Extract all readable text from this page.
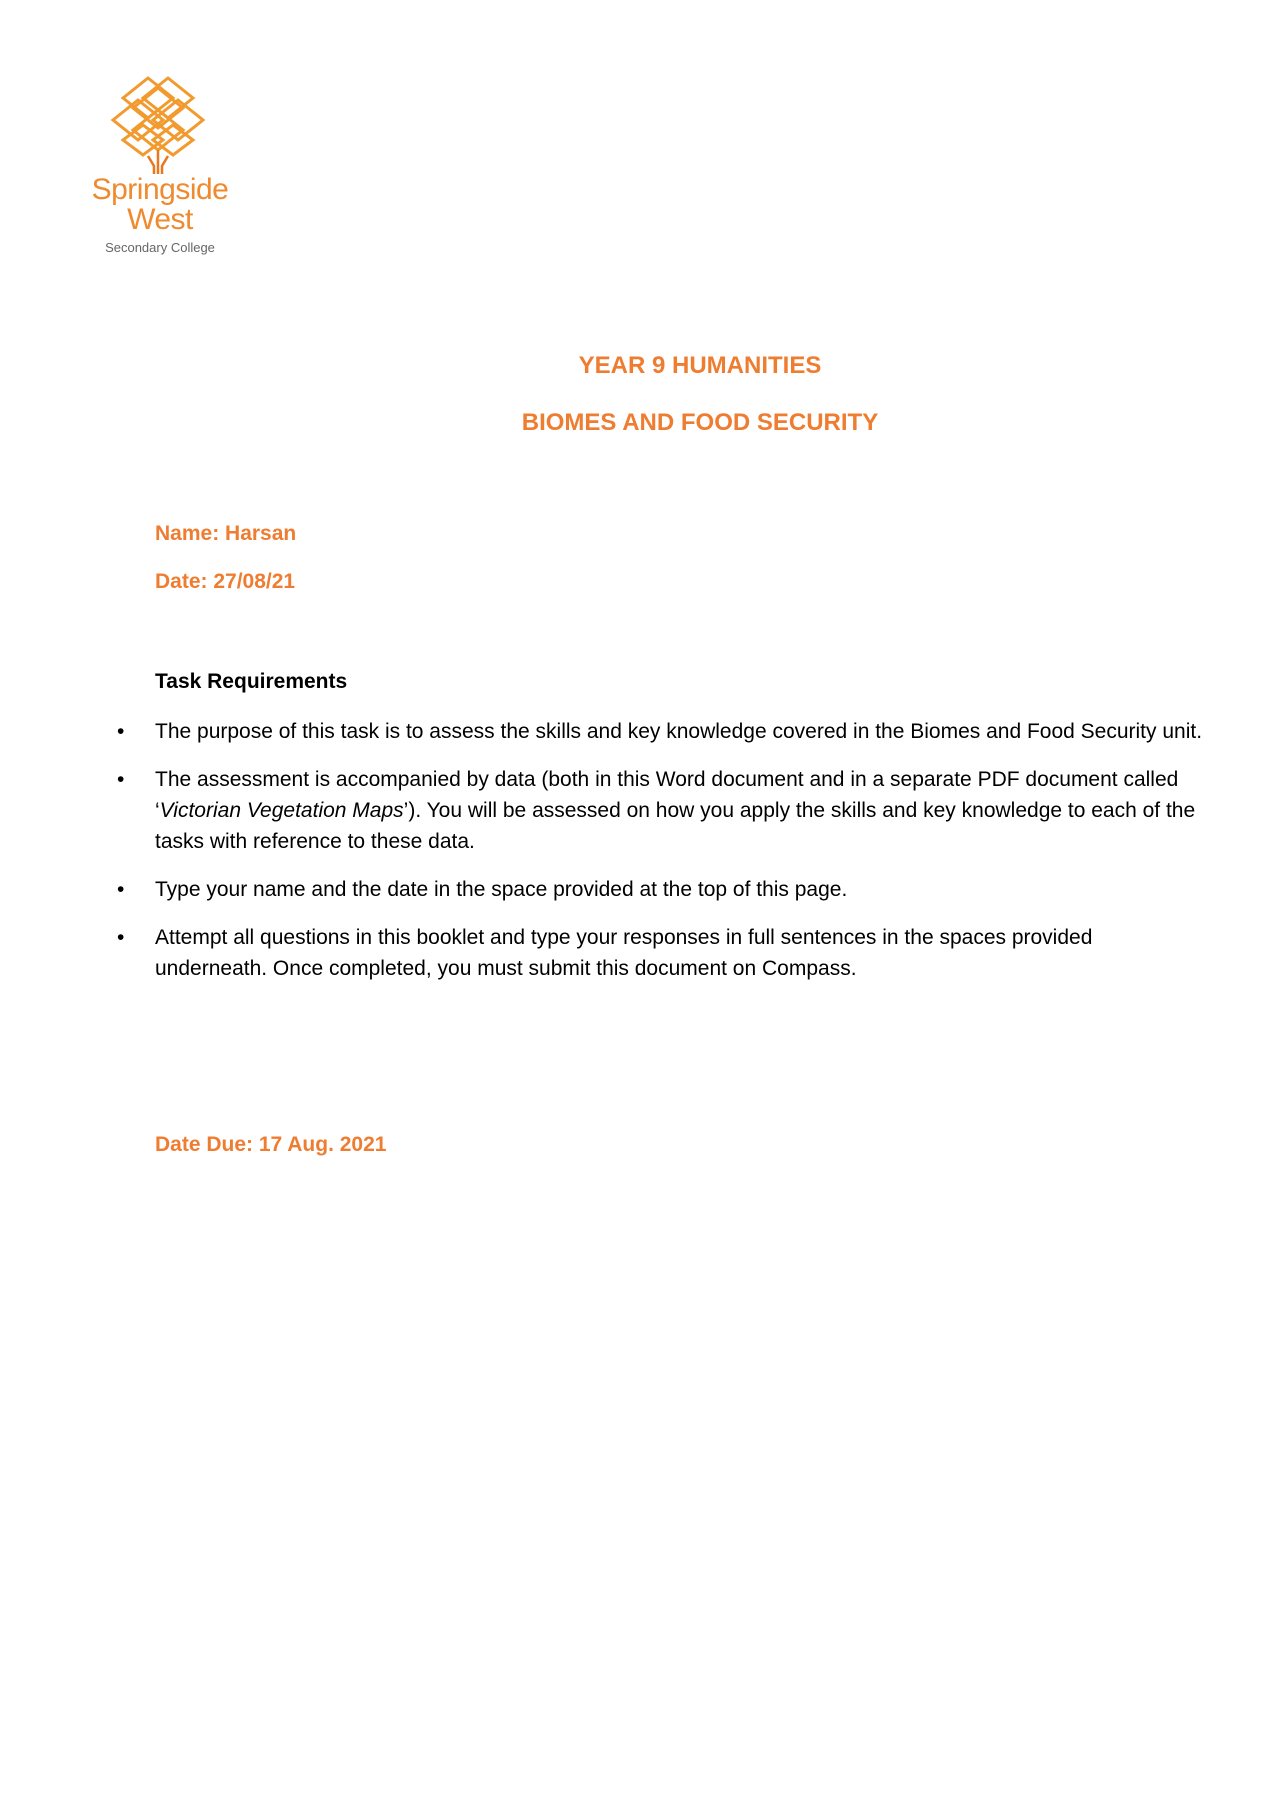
Springside
West
Secondary College
YEAR 9 HUMANITIES
BIOMES AND FOOD SECURITY
Name: Harsan
Date: 27/08/21
Task Requirements
• The purpose of this task is to assess the skills and key knowledge covered in the Biomes and Food Security unit.
• The assessment is accompanied by data (both in this Word document and in a separate PDF document called ‘Victorian Vegetation Maps’). You will be assessed on how you apply the skills and key knowledge to each of the tasks with reference to these data.
• Type your name and the date in the space provided at the top of this page.
• Attempt all questions in this booklet and type your responses in full sentences in the spaces provided underneath. Once completed, you must submit this document on Compass.
Date Due: 17 Aug. 2021
